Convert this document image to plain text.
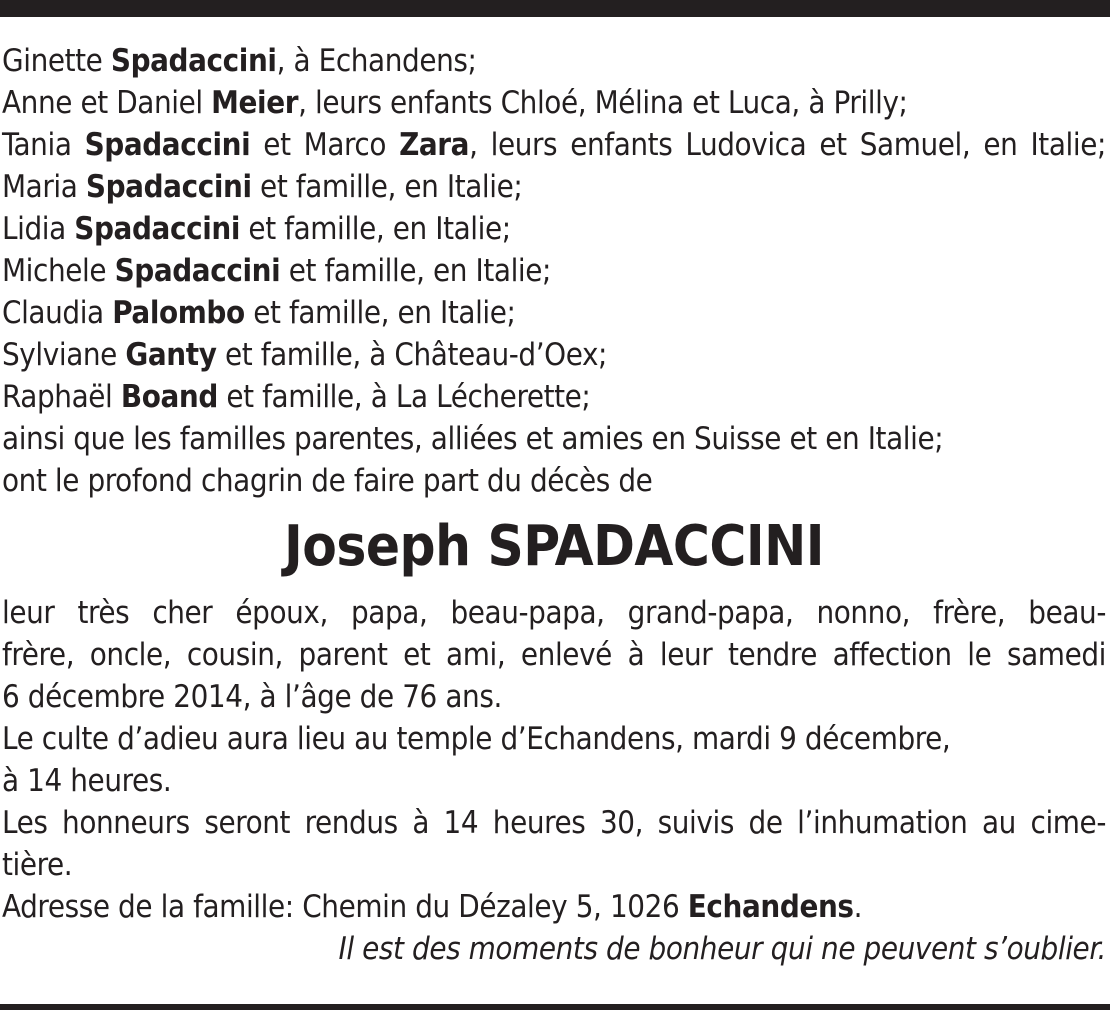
Ginette Spadaccini, à Echandens;
Anne et Daniel Meier, leurs enfants Chloé, Mélina et Luca, à Prilly;
Tania Spadaccini et Marco Zara, leurs enfants Ludovica et Samuel, en Italie;
Maria Spadaccini et famille, en Italie;
Lidia Spadaccini et famille, en Italie;
Michele Spadaccini et famille, en Italie;
Claudia Palombo et famille, en Italie;
Sylviane Ganty et famille, à Château-d’Oex;
Raphaël Boand et famille, à La Lécherette;
ainsi que les familles parentes, alliées et amies en Suisse et en Italie;
ont le profond chagrin de faire part du décès de
Joseph SPADACCINI
leur très cher époux, papa, beau-papa, grand-papa, nonno, frère, beau-
frère, oncle, cousin, parent et ami, enlevé à leur tendre affection le samedi
6 décembre 2014, à l’âge de 76 ans.
Le culte d’adieu aura lieu au temple d’Echandens, mardi 9 décembre,
à 14 heures.
Les honneurs seront rendus à 14 heures 30, suivis de l’inhumation au cime-
tière.
Adresse de la famille: Chemin du Dézaley 5, 1026 Echandens.
Il est des moments de bonheur qui ne peuvent s’oublier.
